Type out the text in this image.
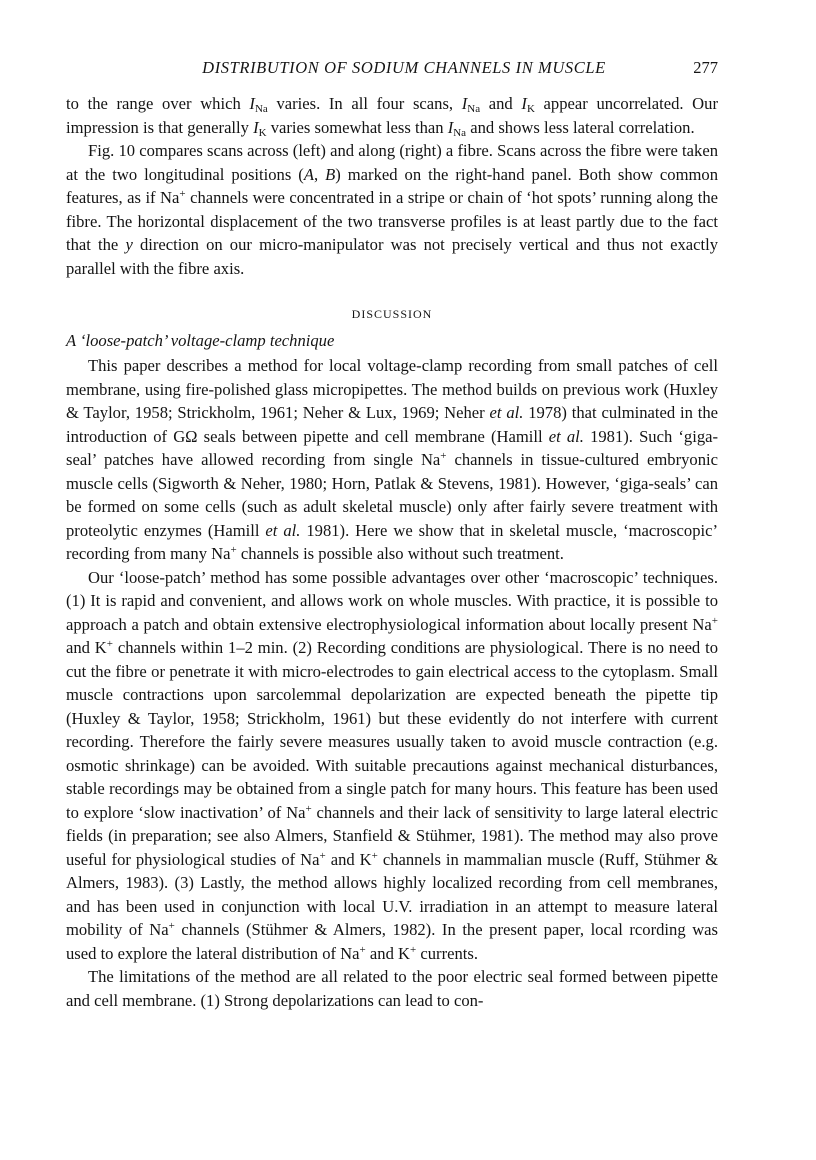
DISTRIBUTION OF SODIUM CHANNELS IN MUSCLE	277

to the range over which $I_{Na}$ varies. In all four scans, $I_{Na}$ and $I_K$ appear uncorrelated. Our impression is that generally $I_K$ varies somewhat less than $I_{Na}$ and shows less lateral correlation.

Fig. 10 compares scans across (left) and along (right) a fibre. Scans across the fibre were taken at the two longitudinal positions (A, B) marked on the right-hand panel. Both show common features, as if Na+ channels were concentrated in a stripe or chain of ‘hot spots’ running along the fibre. The horizontal displacement of the two transverse profiles is at least partly due to the fact that the y direction on our micro-manipulator was not precisely vertical and thus not exactly parallel with the fibre axis.

DISCUSSION

A ‘loose-patch’ voltage-clamp technique

This paper describes a method for local voltage-clamp recording from small patches of cell membrane, using fire-polished glass micropipettes. The method builds on previous work (Huxley & Taylor, 1958; Strickholm, 1961; Neher & Lux, 1969; Neher et al. 1978) that culminated in the introduction of GΩ seals between pipette and cell membrane (Hamill et al. 1981). Such ‘giga-seal’ patches have allowed recording from single Na+ channels in tissue-cultured embryonic muscle cells (Sigworth & Neher, 1980; Horn, Patlak & Stevens, 1981). However, ‘giga-seals’ can be formed on some cells (such as adult skeletal muscle) only after fairly severe treatment with proteolytic enzymes (Hamill et al. 1981). Here we show that in skeletal muscle, ‘macroscopic’ recording from many Na+ channels is possible also without such treatment.

Our ‘loose-patch’ method has some possible advantages over other ‘macroscopic’ techniques. (1) It is rapid and convenient, and allows work on whole muscles. With practice, it is possible to approach a patch and obtain extensive electrophysiological information about locally present Na+ and K+ channels within 1–2 min. (2) Recording conditions are physiological. There is no need to cut the fibre or penetrate it with micro-electrodes to gain electrical access to the cytoplasm. Small muscle contractions upon sarcolemmal depolarization are expected beneath the pipette tip (Huxley & Taylor, 1958; Strickholm, 1961) but these evidently do not interfere with current recording. Therefore the fairly severe measures usually taken to avoid muscle contraction (e.g. osmotic shrinkage) can be avoided. With suitable precautions against mechanical disturbances, stable recordings may be obtained from a single patch for many hours. This feature has been used to explore ‘slow inactivation’ of Na+ channels and their lack of sensitivity to large lateral electric fields (in preparation; see also Almers, Stanfield & Stühmer, 1981). The method may also prove useful for physiological studies of Na+ and K+ channels in mammalian muscle (Ruff, Stühmer & Almers, 1983). (3) Lastly, the method allows highly localized recording from cell membranes, and has been used in conjunction with local U.V. irradiation in an attempt to measure lateral mobility of Na+ channels (Stühmer & Almers, 1982). In the present paper, local rcording was used to explore the lateral distribution of Na+ and K+ currents.

The limitations of the method are all related to the poor electric seal formed between pipette and cell membrane. (1) Strong depolarizations can lead to con-
